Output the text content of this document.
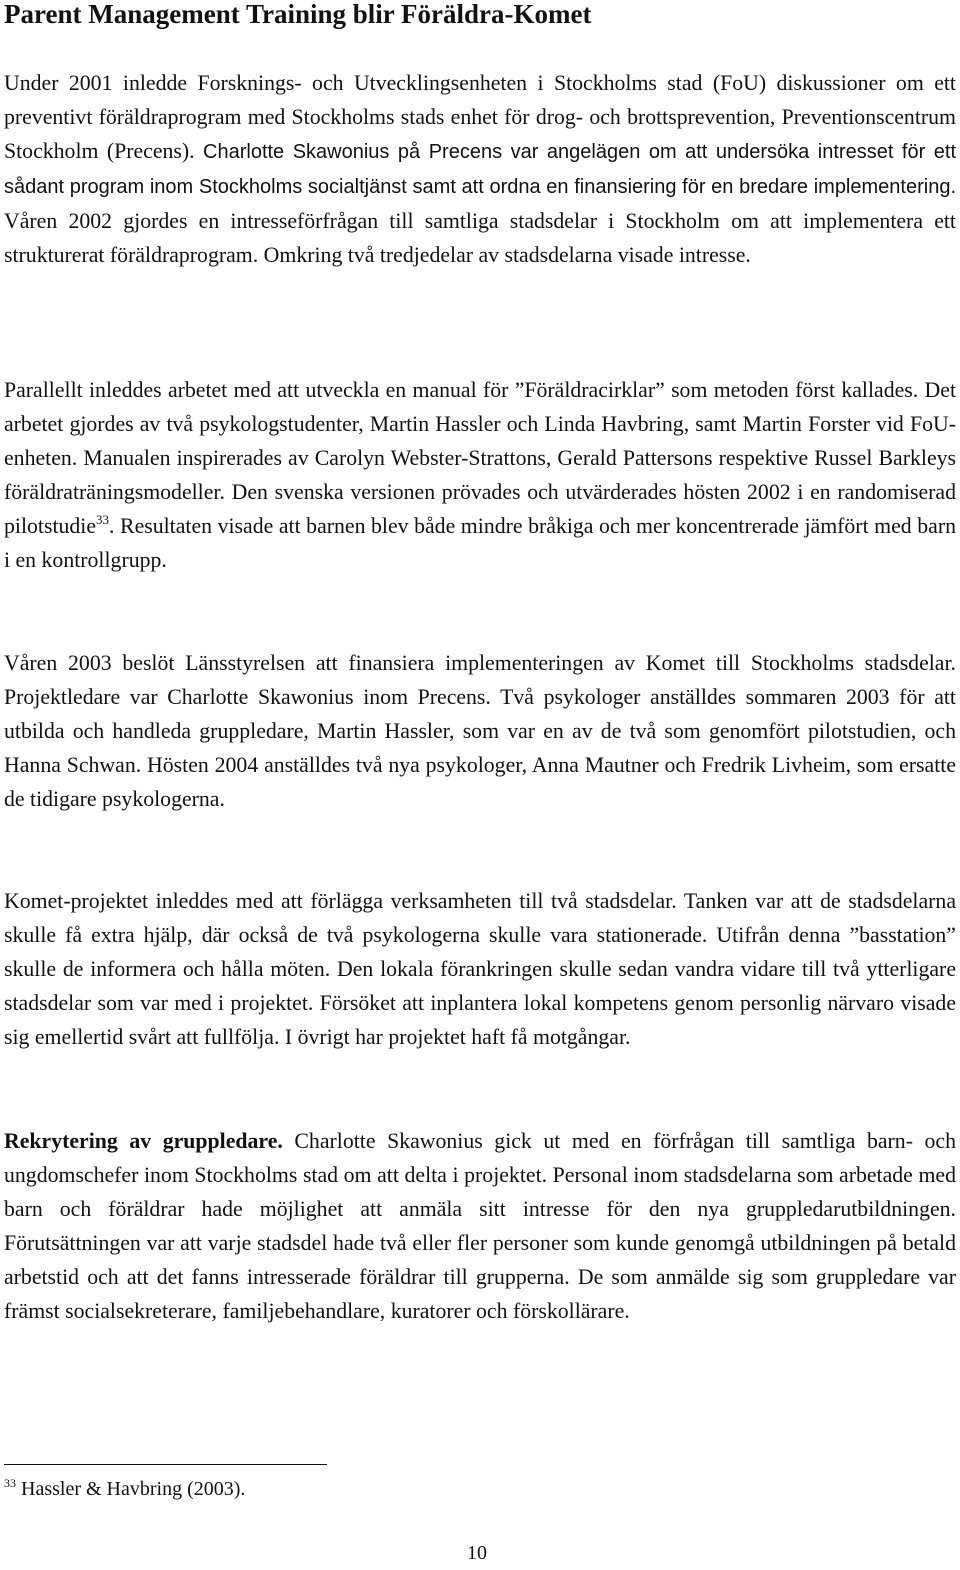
Parent Management Training blir Föräldra-Komet

Under 2001 inledde Forsknings- och Utvecklingsenheten i Stockholms stad (FoU) diskussioner om ett preventivt föräldraprogram med Stockholms stads enhet för drog- och brottsprevention, Preventionscentrum Stockholm (Precens). Charlotte Skawonius på Precens var angelägen om att undersöka intresset för ett sådant program inom Stockholms socialtjänst samt att ordna en finansiering för en bredare implementering. Våren 2002 gjordes en intresseförfrågan till samtliga stadsdelar i Stockholm om att implementera ett strukturerat föräldraprogram. Omkring två tredjedelar av stadsdelarna visade intresse.

Parallellt inleddes arbetet med att utveckla en manual för ”Föräldracirklar” som metoden först kallades. Det arbetet gjordes av två psykologstudenter, Martin Hassler och Linda Havbring, samt Martin Forster vid FoU-enheten. Manualen inspirerades av Carolyn Webster-Strattons, Gerald Pattersons respektive Russel Barkleys föräldraträningsmodeller. Den svenska versionen prövades och utvärderades hösten 2002 i en randomiserad pilotstudie$^{33}$. Resultaten visade att barnen blev både mindre bråkiga och mer koncentrerade jämfört med barn i en kontrollgrupp.

Våren 2003 beslöt Länsstyrelsen att finansiera implementeringen av Komet till Stockholms stadsdelar. Projektledare var Charlotte Skawonius inom Precens. Två psykologer anställdes sommaren 2003 för att utbilda och handleda gruppledare, Martin Hassler, som var en av de två som genomfört pilotstudien, och Hanna Schwan. Hösten 2004 anställdes två nya psykologer, Anna Mautner och Fredrik Livheim, som ersatte de tidigare psykologerna.

Komet-projektet inleddes med att förlägga verksamheten till två stadsdelar. Tanken var att de stadsdelarna skulle få extra hjälp, där också de två psykologerna skulle vara stationerade. Utifrån denna ”basstation” skulle de informera och hålla möten. Den lokala förankringen skulle sedan vandra vidare till två ytterligare stadsdelar som var med i projektet. Försöket att inplantera lokal kompetens genom personlig närvaro visade sig emellertid svårt att fullfölja. I övrigt har projektet haft få motgångar.

Rekrytering av gruppledare. Charlotte Skawonius gick ut med en förfrågan till samtliga barn- och ungdomschefer inom Stockholms stad om att delta i projektet. Personal inom stadsdelarna som arbetade med barn och föräldrar hade möjlighet att anmäla sitt intresse för den nya gruppledarutbildningen. Förutsättningen var att varje stadsdel hade två eller fler personer som kunde genomgå utbildningen på betald arbetstid och att det fanns intresserade föräldrar till grupperna. De som anmälde sig som gruppledare var främst socialsekreterare, familjebehandlare, kuratorer och förskollärare.

$^{33}$ Hassler & Havbring (2003).
10
